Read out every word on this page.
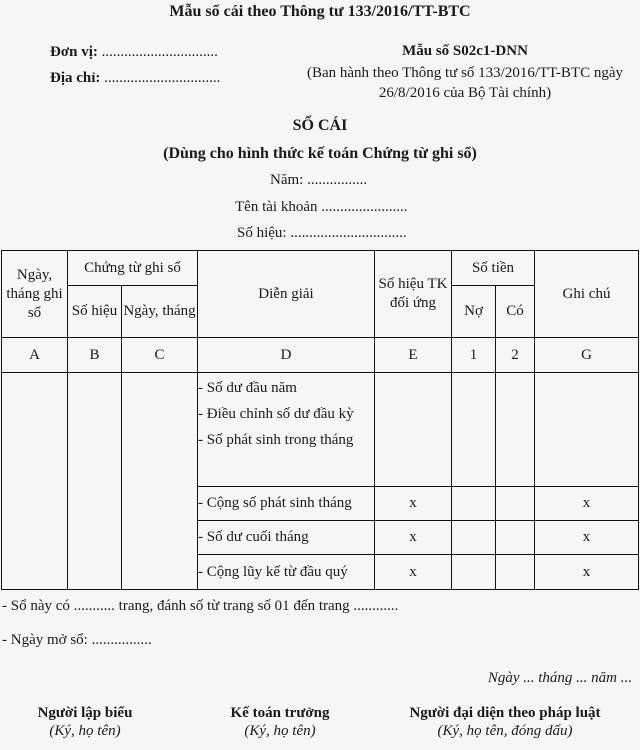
Mẫu sổ cái theo Thông tư 133/2016/TT-BTC
Đơn vị: ...............................
Địa chỉ: ...............................
Mẫu số S02c1-DNN
(Ban hành theo Thông tư số 133/2016/TT-BTC ngày 26/8/2016 của Bộ Tài chính)
SỔ CÁI
(Dùng cho hình thức kế toán Chứng từ ghi sổ)
Năm: ................
Tên tài khoản .......................
Số hiệu: ...............................
Ngày, tháng ghi sổ	Chứng từ ghi sổ		Diễn giải	Số hiệu TK đối ứng	Số tiền		Ghi chú
	Số hiệu	Ngày, tháng			Nợ	Có	
A	B	C	D	E	1	2	G

			- Số dư đầu năm
- Điều chỉnh số dư đầu kỳ
- Số phát sinh trong tháng				

			- Cộng số phát sinh tháng	x			x
			- Số dư cuối tháng	x			x
			- Cộng lũy kế từ đầu quý	x			x
- Sổ này có ........... trang, đánh số từ trang số 01 đến trang ............
- Ngày mở sổ: ................
Ngày ... tháng ... năm ...
Người lập biểu
(Ký, họ tên)
Kế toán trưởng
(Ký, họ tên)
Người đại diện theo pháp luật
(Ký, họ tên, đóng dấu)
